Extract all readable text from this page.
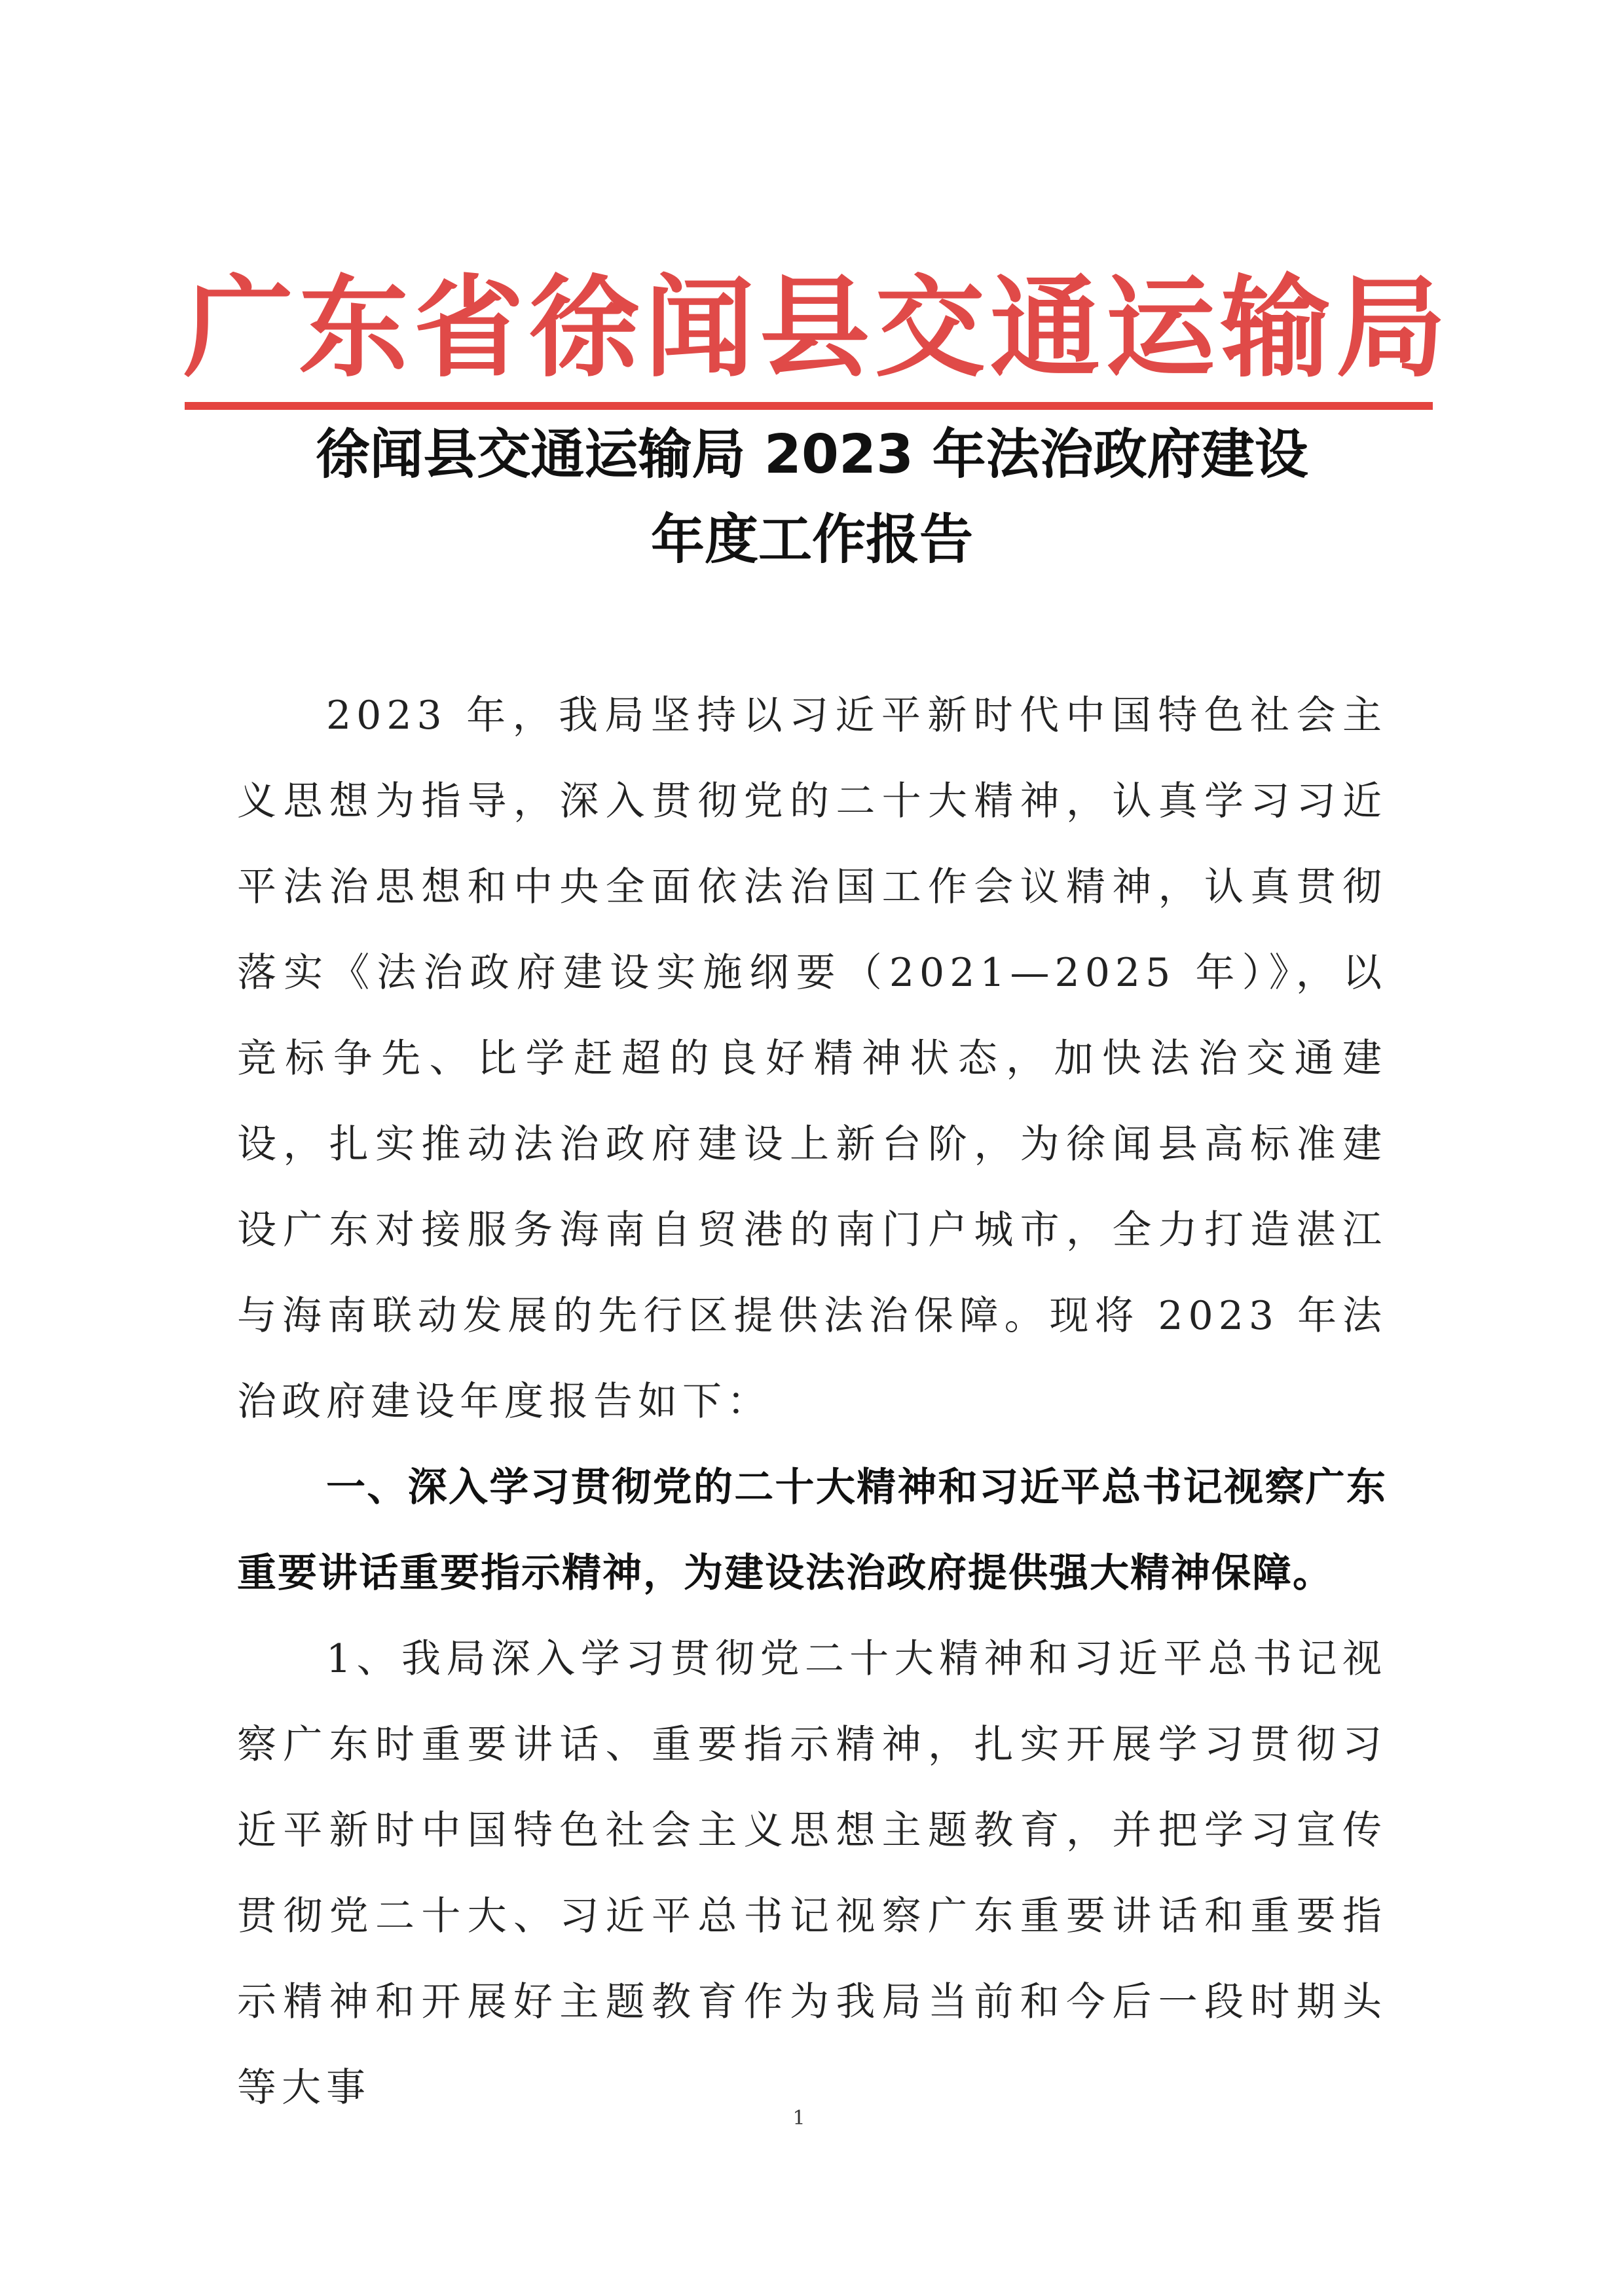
广东省徐闻县交通运输局
徐闻县交通运输局 2023 年法治政府建设
年度工作报告

2023 年，我局坚持以习近平新时代中国特色社会主义思想为指导，深入贯彻党的二十大精神，认真学习习近平法治思想和中央全面依法治国工作会议精神，认真贯彻落实《法治政府建设实施纲要（2021—2025 年）》，以竞标争先、比学赶超的良好精神状态，加快法治交通建设，扎实推动法治政府建设上新台阶，为徐闻县高标准建设广东对接服务海南自贸港的南门户城市，全力打造湛江与海南联动发展的先行区提供法治保障。现将 2023 年法治政府建设年度报告如下：

一、深入学习贯彻党的二十大精神和习近平总书记视察广东重要讲话重要指示精神，为建设法治政府提供强大精神保障。

1、我局深入学习贯彻党二十大精神和习近平总书记视察广东时重要讲话、重要指示精神，扎实开展学习贯彻习近平新时中国特色社会主义思想主题教育，并把学习宣传贯彻党二十大、习近平总书记视察广东重要讲话和重要指示精神和开展好主题教育作为我局当前和今后一段时期头等大事

1
